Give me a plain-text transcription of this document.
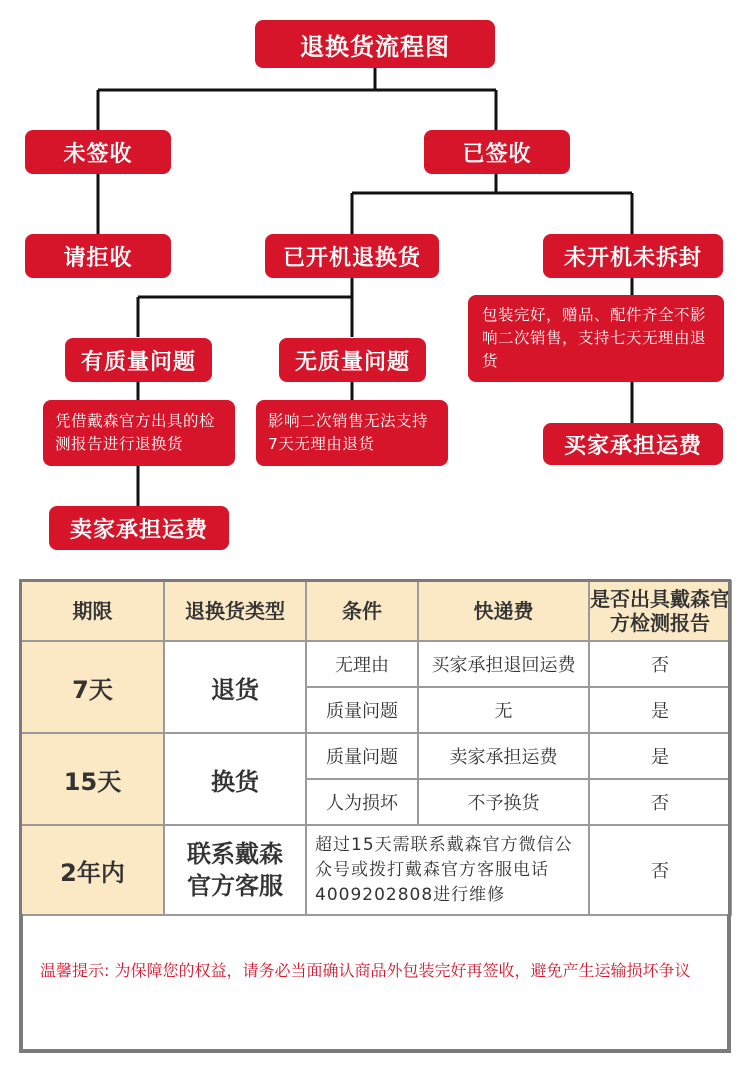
退换货流程图
未签收	已签收
请拒收	已开机退换货	未开机未拆封
有质量问题	无质量问题
包装完好，赠品、配件齐全不影响二次销售，支持七天无理由退货
凭借戴森官方出具的检测报告进行退换货
影响二次销售无法支持7天无理由退货	买家承担运费
卖家承担运费
期限	退换货类型	条件	快递费	是否出具戴森官方检测报告
7天	退货	无理由	买家承担退回运费	否
		质量问题	无	是
15天	换货	质量问题	卖家承担运费	是
		人为损坏	不予换货	否
2年内	联系戴森官方客服	超过15天需联系戴森官方微信公众号或拨打戴森官方客服电话4009202808进行维修		否
温馨提示: 为保障您的权益，请务必当面确认商品外包装完好再签收，避免产生运输损坏争议
